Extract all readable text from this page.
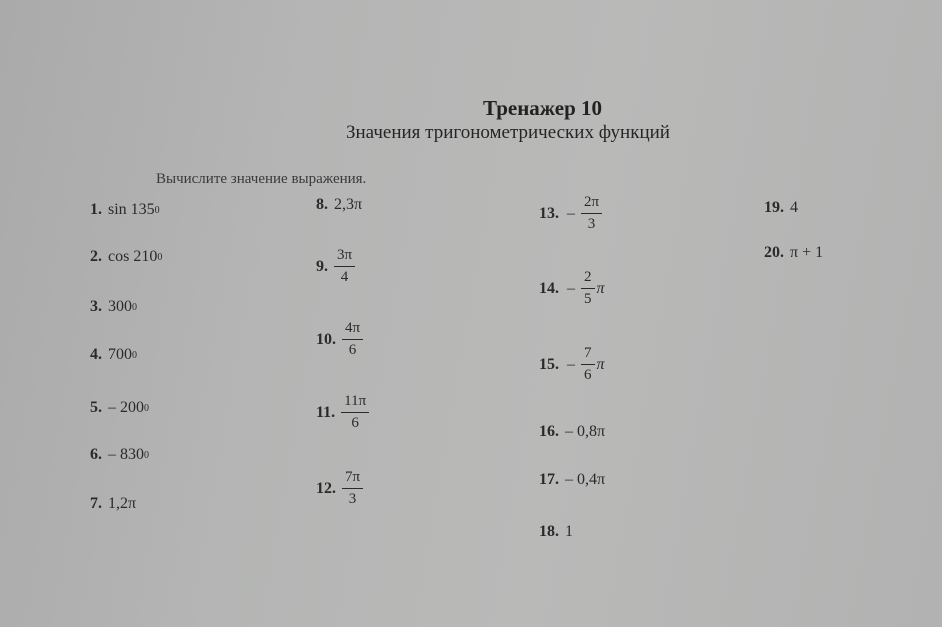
Тренажер 10
Значения тригонометрических функций
Вычислите значение выражения.
1. sin 135 0
2. cos 210 0
3. 300 0
4. 700 0
5. – 200 0
6. – 830 0
7. 1,2π
8. 2,3π
9. $\frac{3\pi}{4}$
10. $\frac{4\pi}{6}$
11. $\frac{11\pi}{6}$
12. $\frac{7\pi}{3}$
13. – $\frac{2\pi}{3}$
14. – $\frac{2}{5}$ π
15. – $\frac{7}{6}$ π
16. – 0,8π
17. – 0,4π
18. 1
19. 4
20. π + 1
